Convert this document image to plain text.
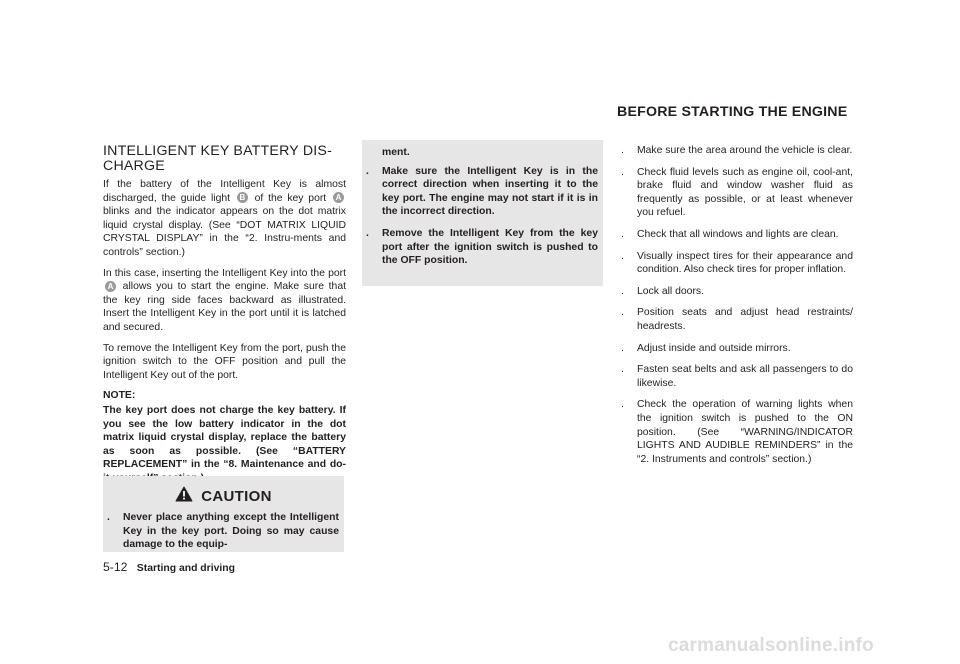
BEFORE STARTING THE ENGINE
INTELLIGENT KEY BATTERY DIS-CHARGE

If the battery of the Intelligent Key is almost discharged, the guide light B of the key port A blinks and the indicator appears on the dot matrix liquid crystal display. (See “DOT MATRIX LIQUID CRYSTAL DISPLAY” in the “2. Instru-ments and controls” section.)

In this case, inserting the Intelligent Key into the port A allows you to start the engine. Make sure that the key ring side faces backward as illustrated. Insert the Intelligent Key in the port until it is latched and secured.

To remove the Intelligent Key from the port, push the ignition switch to the OFF position and pull the Intelligent Key out of the port.

NOTE:
The key port does not charge the key battery. If you see the low battery indicator in the dot matrix liquid crystal display, replace the battery as soon as possible. (See “BATTERY REPLACEMENT” in the “8. Maintenance and do-
CAUTION
. Never place anything except the Intelligent Key in the key port. Doing so may cause damage to the equip-
ment.
. Make sure the Intelligent Key is in the correct direction when inserting it to the key port. The engine may not start if it is in the incorrect direction.
. Remove the Intelligent Key from the key port after the ignition switch is pushed to the OFF position.
. Make sure the area around the vehicle is clear.
. Check fluid levels such as engine oil, cool-ant, brake fluid and window washer fluid as frequently as possible, or at least whenever you refuel.
. Check that all windows and lights are clean.
. Visually inspect tires for their appearance and condition. Also check tires for proper inflation.
. Lock all doors.
. Position seats and adjust head restraints/ headrests.
. Adjust inside and outside mirrors.
. Fasten seat belts and ask all passengers to do likewise.
. Check the operation of warning lights when the ignition switch is pushed to the ON position. (See “WARNING/INDICATOR LIGHTS AND AUDIBLE REMINDERS” in the “2. Instruments and controls” section.)
5-12 Starting and driving
carmanualsonline.info
